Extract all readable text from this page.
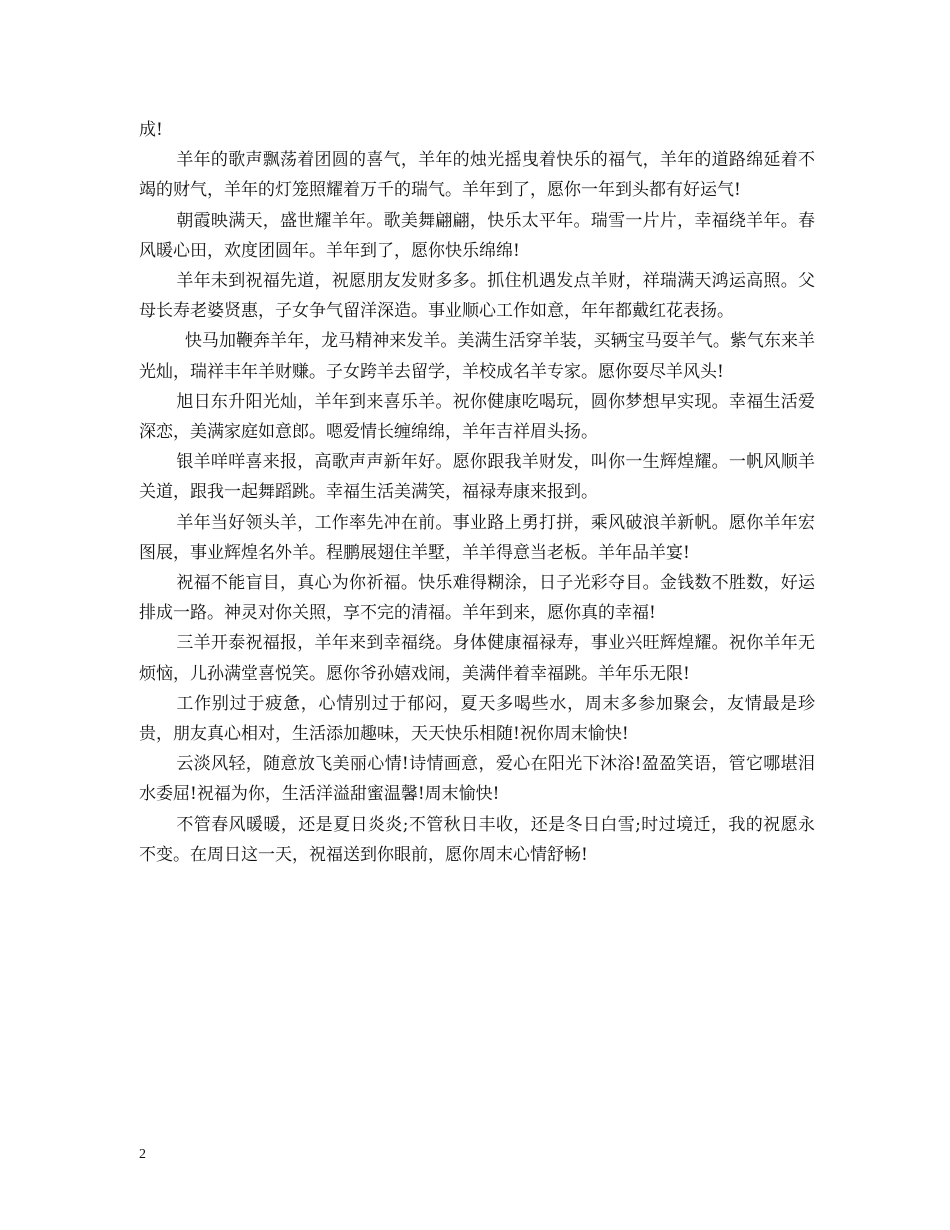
成!

羊年的歌声飘荡着团圆的喜气，羊年的烛光摇曳着快乐的福气，羊年的道路绵延着不竭的财气，羊年的灯笼照耀着万千的瑞气。羊年到了，愿你一年到头都有好运气!

朝霞映满天，盛世耀羊年。歌美舞翩翩，快乐太平年。瑞雪一片片，幸福绕羊年。春风暖心田，欢度团圆年。羊年到了，愿你快乐绵绵!

羊年未到祝福先道，祝愿朋友发财多多。抓住机遇发点羊财，祥瑞满天鸿运高照。父母长寿老婆贤惠，子女争气留洋深造。事业顺心工作如意，年年都戴红花表扬。

快马加鞭奔羊年，龙马精神来发羊。美满生活穿羊装，买辆宝马耍羊气。紫气东来羊光灿，瑞祥丰年羊财赚。子女跨羊去留学，羊校成名羊专家。愿你耍尽羊风头!

旭日东升阳光灿，羊年到来喜乐羊。祝你健康吃喝玩，圆你梦想早实现。幸福生活爱深恋，美满家庭如意郎。嗯爱情长缠绵绵，羊年吉祥眉头扬。

银羊咩咩喜来报，高歌声声新年好。愿你跟我羊财发，叫你一生辉煌耀。一帆风顺羊关道，跟我一起舞蹈跳。幸福生活美满笑，福禄寿康来报到。

羊年当好领头羊，工作率先冲在前。事业路上勇打拼，乘风破浪羊新帆。愿你羊年宏图展，事业辉煌名外羊。程鹏展翅住羊墅，羊羊得意当老板。羊年品羊宴!

祝福不能盲目，真心为你祈福。快乐难得糊涂，日子光彩夺目。金钱数不胜数，好运排成一路。神灵对你关照，享不完的清福。羊年到来，愿你真的幸福!

三羊开泰祝福报，羊年来到幸福绕。身体健康福禄寿，事业兴旺辉煌耀。祝你羊年无烦恼，儿孙满堂喜悦笑。愿你爷孙嬉戏闹，美满伴着幸福跳。羊年乐无限!

工作别过于疲惫，心情别过于郁闷，夏天多喝些水，周末多参加聚会，友情最是珍贵，朋友真心相对，生活添加趣味，天天快乐相随!祝你周末愉快!

云淡风轻，随意放飞美丽心情!诗情画意，爱心在阳光下沐浴!盈盈笑语，管它哪堪泪水委屈!祝福为你，生活洋溢甜蜜温馨!周末愉快!

不管春风暖暖，还是夏日炎炎;不管秋日丰收，还是冬日白雪;时过境迁，我的祝愿永不变。在周日这一天，祝福送到你眼前，愿你周末心情舒畅!

2
